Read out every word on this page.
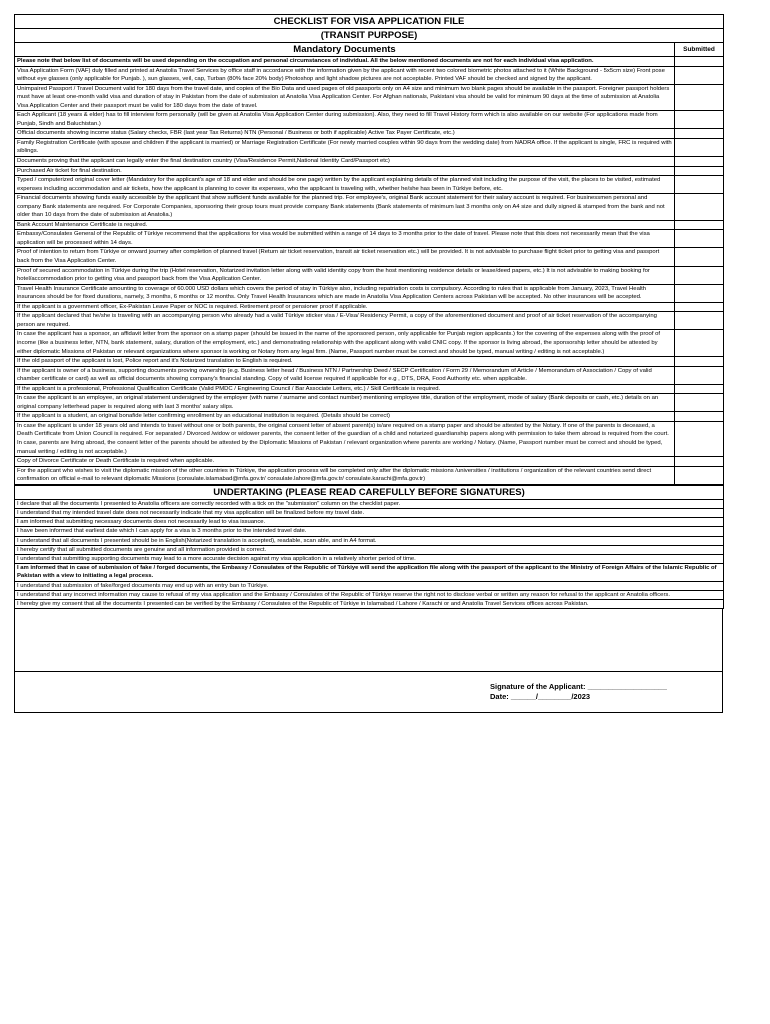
CHECKLIST FOR VISA APPLICATION FILE	
(TRANSIT PURPOSE)	
Mandatory Documents	Submitted
Please note that below list of documents will be used depending on the occupation and personal circumstances of individual. All the below mentioned documents are not for each individual visa application.	
Visa Application Form (VAF) duly filled and printed at Anatolia Travel Services by office staff in accordance with the information given by the applicant with recent two colored biometric photos attached to it (White Background - 5x5cm size) Front pose without eye glasses (only applicable for Punjab. ), sun glasses, veil, cap, Turban (80% face 20% body) Photoshop and light shadow pictures are not acceptable. Printed VAF should be checked and signed by the applicant.	
Unimpaired Passport / Travel Document valid for 180 days from the travel date, and copies of the Bio Data and used pages of old passports only on A4 size and minimum two blank pages should be available in the passport. Foreigner passport holders must have at least one-month valid visa and duration of stay in Pakistan from the date of submission at Anatolia Visa Application Center. For Afghan nationals, Pakistani visa should be valid for minimum 90 days at the time of submission at Anatolia Visa Application Center and their passport must be valid for 180 days from the date of travel.	
Each Applicant (18 years & elder) has to fill interview form personally (will be given at Anatolia Visa Application Center during submission). Also, they need to fill Travel History form which is also available on our website (For applications made from Punjab, Sindh and Baluchistan.)	
Official documents showing income status (Salary checks, FBR (last year Tax Returns) NTN (Personal / Business or both if applicable) Active Tax Payer Certificate, etc.)	
Family Registration Certificate (with spouse and children if the applicant is married) or Marriage Registration Certificate (For newly married couples within 90 days from the wedding date) from NADRA office. If the applicant is single, FRC is required with siblings.	
Documents proving that the applicant can legally enter the final destination country (Visa/Residence Permit,National Identity Card/Passport etc)	
Purchased Air ticket for final destination.	
Typed / computerized original cover letter (Mandatory for the applicant's age of 18 and elder and should be one page) written by the applicant explaining details of the planned visit including the purpose of the visit, the places to be visited, estimated expenses including accommodation and air tickets, how the applicant is planning to cover its expenses, who the applicant is traveling with, whether he/she has been in Türkiye before, etc.	
Financial documents showing funds easily accessible by the applicant that show sufficient funds available for the planned trip. For employee's, original Bank account statement for their salary account is required. For businessmen personal and company Bank statements are required. For Corporate Companies, sponsoring their group tours must provide company Bank statements (Bank statements of minimum last 3 months only on A4 size and dully signed & stamped from the bank and not older than 10 days from the date of submission at Anatolia.)	
Bank Account Maintenance Certificate is required.	
Embassy/Consulates General of the Republic of Türkiye recommend that the applications for visa would be submitted within a range of 14 days to 3 months prior to the date of travel. Please note that this does not necessarily mean that the visa application will be processed within 14 days.	
Proof of intention to return from Türkiye or onward journey after completion of planned travel (Return air ticket reservation, transit air ticket reservation etc.) will be provided. It is not advisable to purchase flight ticket prior to getting visa and passport back from the Visa Application Center.	
Proof of secured accommodation in Türkiye during the trip (Hotel reservation, Notarized invitation letter along with valid identity copy from the host mentioning residence details or lease/deed papers, etc.) It is not advisable to making booking for hotel/accommodation prior to getting visa and passport back from the Visa Application Center.	
Travel Health Insurance Certificate amounting to coverage of 60.000 USD dollars which covers the period of stay in Türkiye also, including repatriation costs is compulsory. According to rules that is applicable from January, 2023, Travel Health insurances should be for fixed durations, namely, 3 months, 6 months or 12 months. Only Travel Health Insurances which are made in Anatolia Visa Application Centers across Pakistan will be accepted. No other insurances will be accepted.	
If the applicant is a government officer, Ex-Pakistan Leave Paper or NOC is required. Retirement proof or pensioner proof if applicable.	
If the applicant declared that he/she is traveling with an accompanying person who already had a valid Türkiye sticker visa / E-Visa/ Residency Permit, a copy of the aforementioned document and proof of air ticket reservation of the accompanying person are required.	
In case the applicant has a sponsor, an affidavit letter from the sponsor on a stamp paper (should be issued in the name of the sponsored person, only applicable for Punjab region applicants.) for the covering of the expenses along with the proof of income (like a business letter, NTN, bank statement, salary, duration of the employment, etc.) and demonstrating relationship with the applicant along with valid CNIC copy. If the sponsor is living abroad, the sponsorship letter should be attested by either diplomatic Missions of Pakistan or relevant organizations where sponsor is working or Notary from any legal firm. (Name, Passport number must be correct and should be typed, manual writing / editing is not acceptable.)	
If the old passport of the applicant is lost, Police report and it's Notarized translation to English is required.	
If the applicant is owner of a business, supporting documents proving ownership (e.g. Business letter head / Business NTN / Partnership Deed / SECP Certification / Form 29 / Memorandum of Article / Memorandum of Association / Copy of valid chamber certificate or card) as well as official documents showing company's financial standing. Copy of valid license required if applicable for e.g , DTS, DRA, Food Authority etc. when applicable.	
If the applicant is a professional, Professional Qualification Certificate (Valid PMDC / Engineering Council / Bar Associate Letters, etc.) / Skill Certificate is required.	
In case the applicant is an employee, an original statement undersigned by the employer (with name / surname and contact number) mentioning employee title, duration of the employment, mode of salary (Bank deposits or cash, etc.) details on an original company letterhead paper is required along with last 3 months' salary slips.	
If the applicant is a student, an original bonafide letter confirming enrollment by an educational institution is required. (Details should be correct)	
In case the applicant is under 18 years old and intends to travel without one or both parents, the original consent letter of absent parent(s) is/are required on a stamp paper and should be attested by the Notary. If one of the parents is deceased, a Death Certificate from Union Council is required. For separated / Divorced /widow or widower parents, the consent letter of the guardian of a child and notarized guardianship papers along with permission to take them abroad is required from the court. In case, parents are living abroad, the consent letter of the parents should be attested by the Diplomatic Missions of Pakistan / relevant organization where parents are working / Notary. (Name, Passport number must be correct and should be typed, manual writing / editing is not acceptable.)	
Copy of Divorce Certificate or Death Certificate is required when applicable.	
For the applicant who wishes to visit the diplomatic mission of the other countries in Türkiye, the application process will be completed only after the diplomatic missions /universities / institutions / organization of the relevant countries send direct confirmation on official e-mail to relevant diplomatic Missions (consulate.islamabad@mfa.gov.tr/ consulate.lahore@mfa.gov.tr/ consulate.karachi@mfa.gov.tr)	
UNDERTAKING (PLEASE READ CAREFULLY BEFORE SIGNATURES)
I declare that all the documents I presented to Anatolia officers are correctly recorded with a tick on the "submission" column on the checklist paper.
I understand that my intended travel date does not necessarily indicate that my visa application will be finalized before my travel date.
I am informed that submitting necessary documents does not necessarily lead to visa issuance.
I have been informed that earliest date which I can apply for a visa is 3 months prior to the intended travel date.
I understand that all documents I presented should be in English(Notarized translation is accepted), readable, scan able, and in A4 format.
I hereby certify that all submitted documents are genuine and all information provided is correct.
I understand that submitting supporting documents may lead to a more accurate decision against my visa application in a relatively shorter period of time.
I am informed that in case of submission of fake / forged documents, the Embassy / Consulates of the Republic of Türkiye will send the application file along with the passport of the applicant to the Ministry of Foreign Affairs of the Islamic Republic of Pakistan with a view to initiating a legal process.
I understand that submission of fake/forged documents may end up with an entry ban to Türkiye.
I understand that any incorrect information may cause to refusal of my visa application and the Embassy / Consulates of the Republic of Türkiye reserve the right not to disclose verbal or written any reason for refusal to the applicant or Anatolia officers.
I hereby give my consent that all the documents I presented can be verified by the Embassy / Consulates of the Republic of Türkiye in Islamabad / Lahore / Karachi or and Anatolia Travel Services offices across Pakistan.
Signature of the Applicant: ___________________
Date: ______/________/2023
